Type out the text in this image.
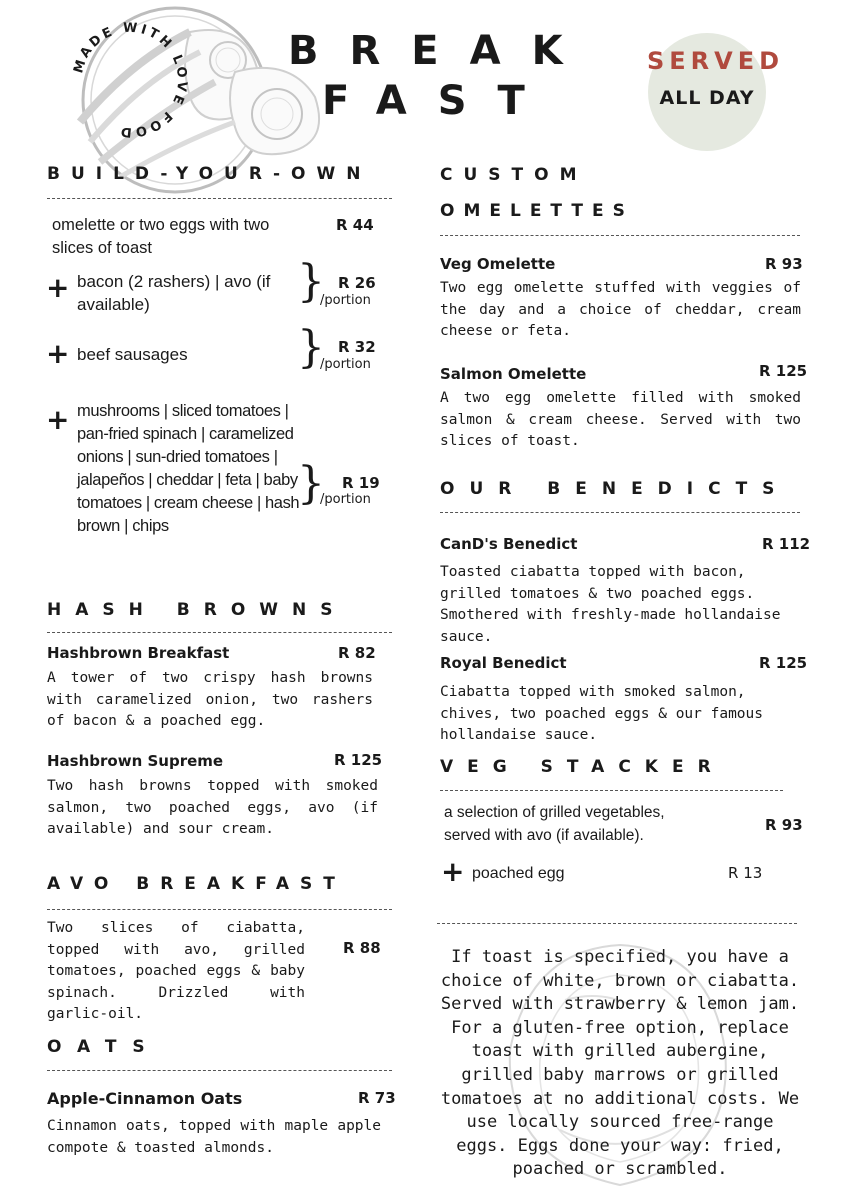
MADE WITH LOVE FOOD
BREAK
FAST
SERVED
ALL DAY
BUILD-YOUR-OWN
omelette or two eggs with two slices of toast
R 44
+ bacon (2 rashers) | avo (if available)	} R 26
/portion
+ beef sausages	} R 32
/portion
+ mushrooms | sliced tomatoes | pan-fried spinach | caramelized onions | sun-dried tomatoes | jalapeños | cheddar | feta | baby tomatoes | cream cheese | hash brown | chips
} R 19
/portion
HASH BROWNS
Hashbrown Breakfast	R 82
A tower of two crispy hash browns with caramelized onion, two rashers of bacon & a poached egg.
Hashbrown Supreme	R 125
Two hash browns topped with smoked salmon, two poached eggs, avo (if available) and sour cream.
AVO BREAKFAST
Two slices of ciabatta, topped with avo, grilled tomatoes, poached eggs & baby spinach. Drizzled with garlic-oil.
R 88
OATS
Apple-Cinnamon Oats	R 73
Cinnamon oats, topped with maple apple compote & toasted almonds.
CUSTOM
OMELETTES
Veg Omelette	R 93
Two egg omelette stuffed with veggies of the day and a choice of cheddar, cream cheese or feta.
Salmon Omelette	R 125
A two egg omelette filled with smoked salmon & cream cheese. Served with two slices of toast.
OUR BENEDICTS
CanD's Benedict	R 112
Toasted ciabatta topped with bacon, grilled tomatoes & two poached eggs. Smothered with freshly-made hollandaise sauce.
Royal Benedict	R 125
Ciabatta topped with smoked salmon, chives, two poached eggs & our famous hollandaise sauce.
VEG STACKER
a selection of grilled vegetables, served with avo (if available).
R 93
+ poached egg	R 13
If toast is specified, you have a choice of white, brown or ciabatta. Served with strawberry & lemon jam. For a gluten-free option, replace toast with grilled aubergine, grilled baby marrows or grilled tomatoes at no additional costs. We use locally sourced free-range eggs. Eggs done your way: fried, poached or scrambled.
